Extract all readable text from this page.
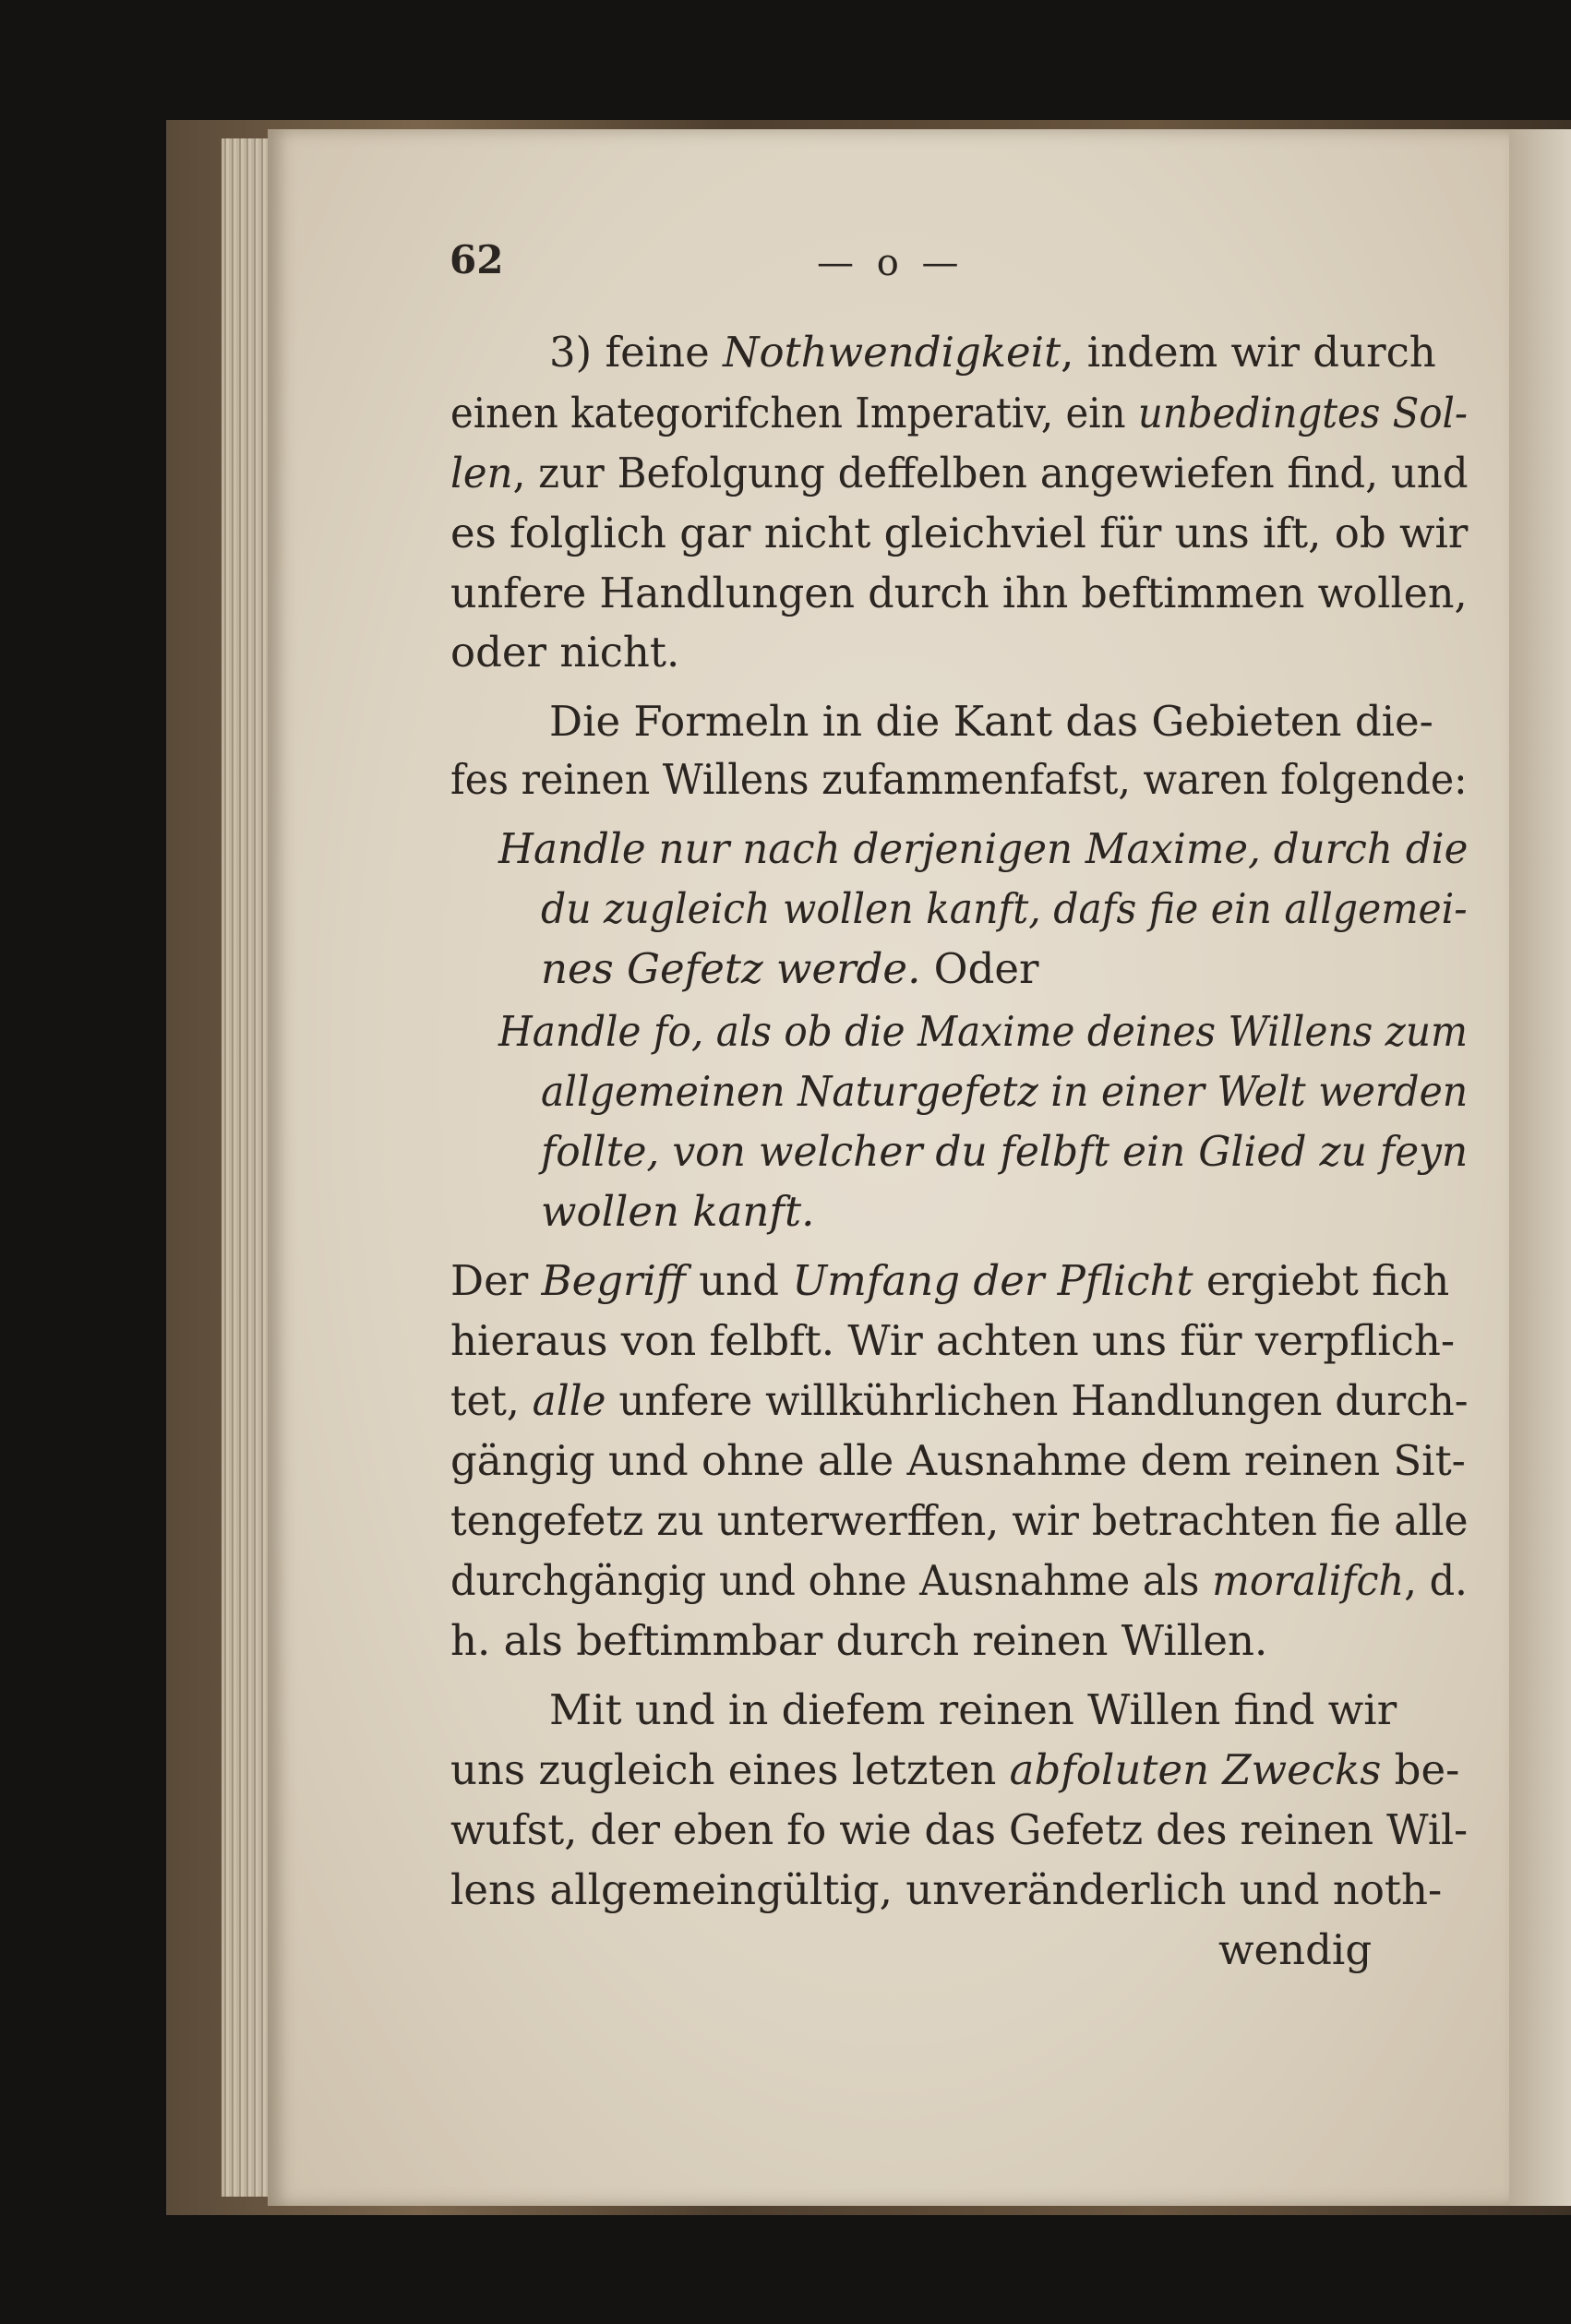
62	— o —
3) feine Nothwendigkeit, indem wir durch
einen kategorifchen Imperativ, ein unbedingtes Sol-
len, zur Befolgung deffelben angewiefen find, und
es folglich gar nicht gleichviel für uns ift, ob wir
unfere Handlungen durch ihn beftimmen wollen,
oder nicht.
Die Formeln in die Kant das Gebieten die-
fes reinen Willens zufammenfafst, waren folgende:
Handle nur nach derjenigen Maxime, durch die
du zugleich wollen kanft, dafs fie ein allgemei-
nes Gefetz werde. Oder
Handle fo, als ob die Maxime deines Willens zum
allgemeinen Naturgefetz in einer Welt werden
follte, von welcher du felbft ein Glied zu feyn
wollen kanft.
Der Begriff und Umfang der Pflicht ergiebt fich
hieraus von felbft. Wir achten uns für verpflich-
tet, alle unfere willkührlichen Handlungen durch-
gängig und ohne alle Ausnahme dem reinen Sit-
tengefetz zu unterwerffen, wir betrachten fie alle
durchgängig und ohne Ausnahme als moralifch, d.
h. als beftimmbar durch reinen Willen.
Mit und in diefem reinen Willen find wir
uns zugleich eines letzten abfoluten Zwecks be-
wufst, der eben fo wie das Gefetz des reinen Wil-
lens allgemeingültig, unveränderlich und noth-
wendig
